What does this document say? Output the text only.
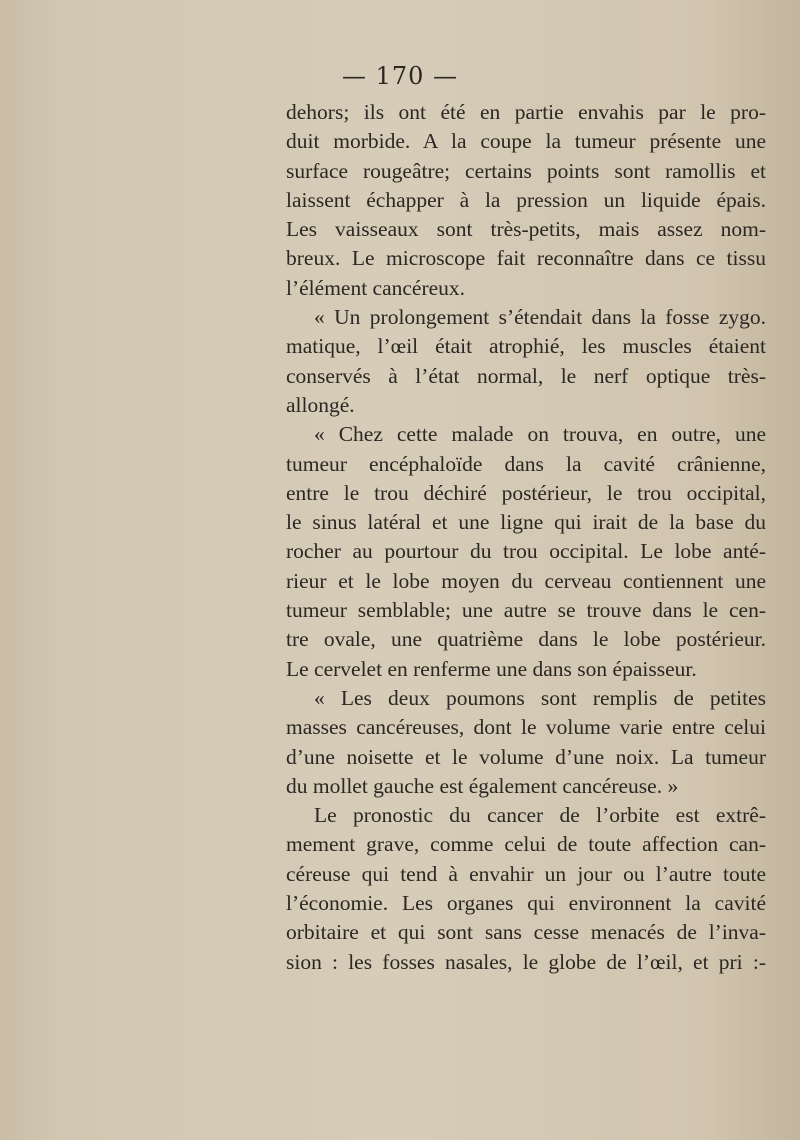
— 170 —
dehors; ils ont été en partie envahis par le pro-
duit morbide. A la coupe la tumeur présente une
surface rougeâtre; certains points sont ramollis et
laissent échapper à la pression un liquide épais.
Les vaisseaux sont très-petits, mais assez nom-
breux. Le microscope fait reconnaître dans ce tissu
l’élément cancéreux.
« Un prolongement s’étendait dans la fosse zygo.
matique, l’œil était atrophié, les muscles étaient
conservés à l’état normal, le nerf optique très-
allongé.
« Chez cette malade on trouva, en outre, une
tumeur encéphaloïde dans la cavité crânienne,
entre le trou déchiré postérieur, le trou occipital,
le sinus latéral et une ligne qui irait de la base du
rocher au pourtour du trou occipital. Le lobe anté-
rieur et le lobe moyen du cerveau contiennent une
tumeur semblable; une autre se trouve dans le cen-
tre ovale, une quatrième dans le lobe postérieur.
Le cervelet en renferme une dans son épaisseur.
« Les deux poumons sont remplis de petites
masses cancéreuses, dont le volume varie entre celui
d’une noisette et le volume d’une noix. La tumeur
du mollet gauche est également cancéreuse. »
Le pronostic du cancer de l’orbite est extrê-
mement grave, comme celui de toute affection can-
céreuse qui tend à envahir un jour ou l’autre toute
l’économie. Les organes qui environnent la cavité
orbitaire et qui sont sans cesse menacés de l’inva-
sion : les fosses nasales, le globe de l’œil, et pri :-
